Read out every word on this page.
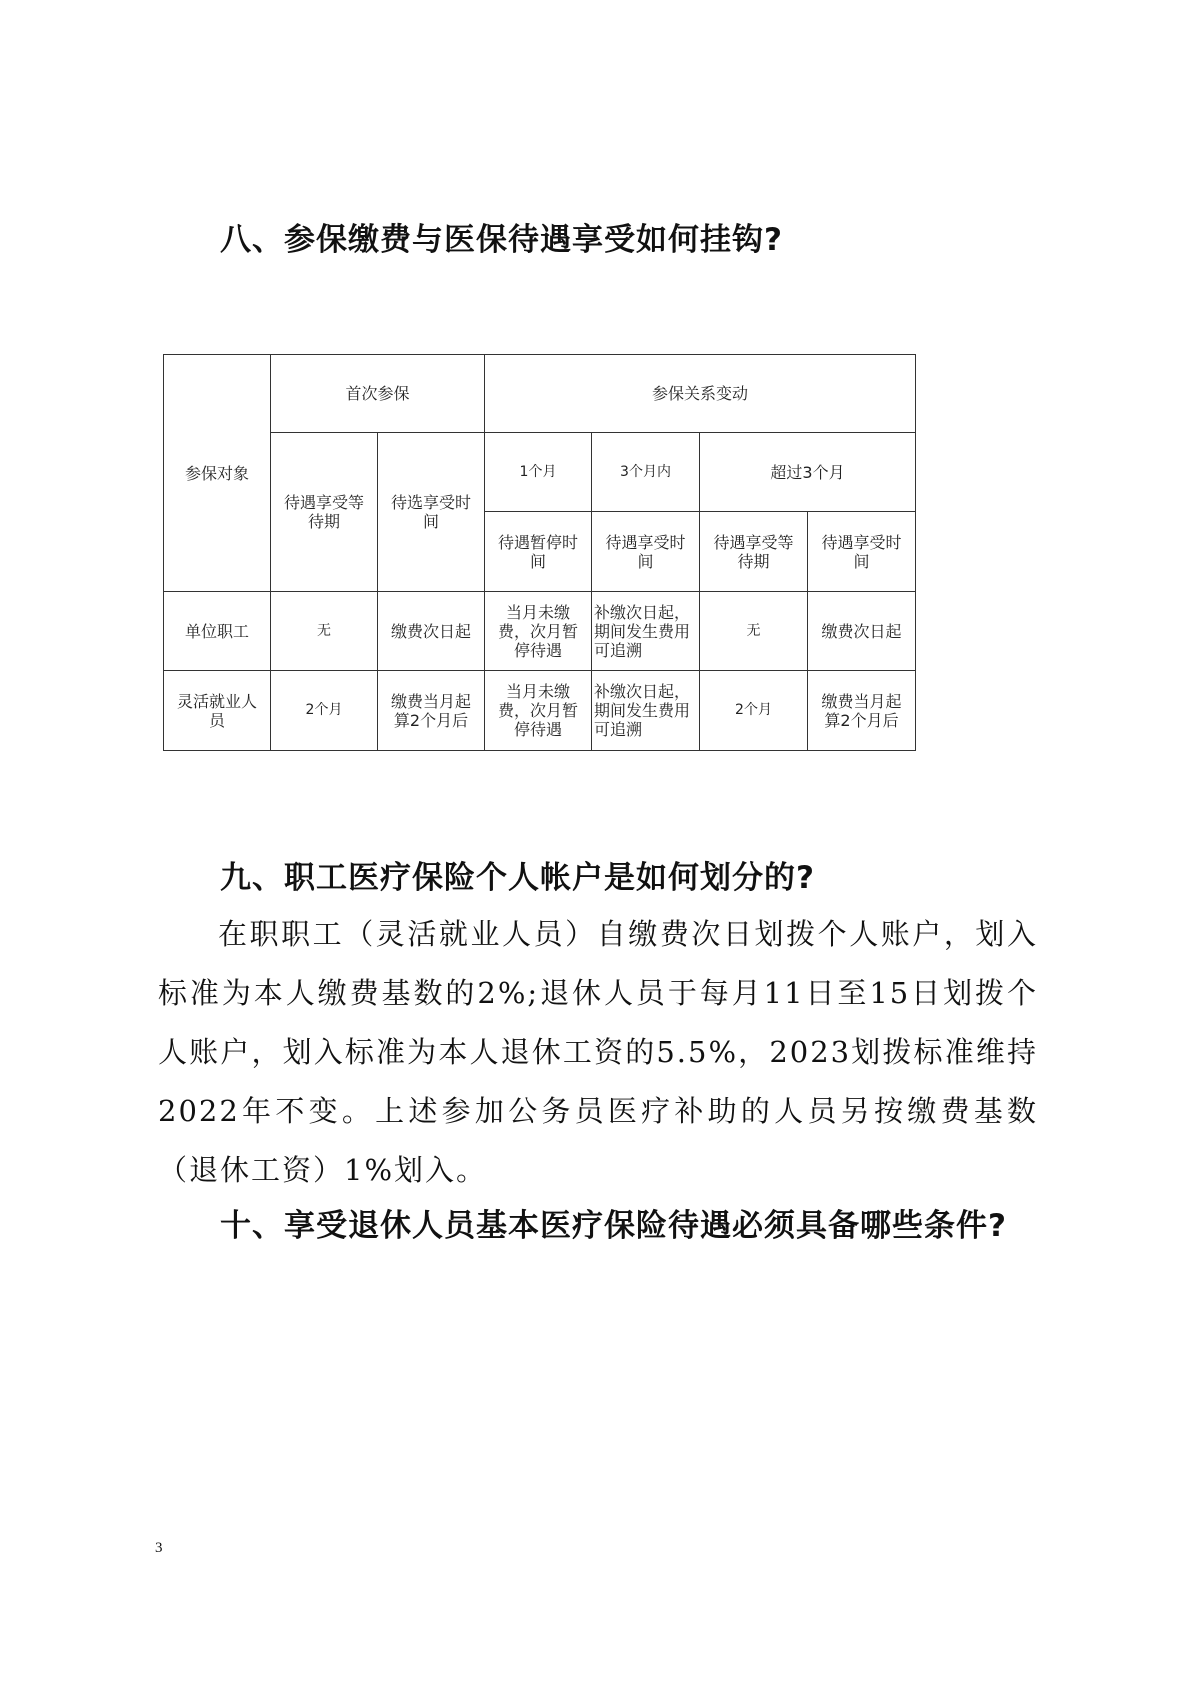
八、参保缴费与医保待遇享受如何挂钩?
参保对象	首次参保		参保关系变动			
	待遇享受等待期	待选享受时间	1个月	3个月内	超过3个月	
			待遇暂停时间	待遇享受时间	待遇享受等待期	待遇享受时间
单位职工	无	缴费次日起	当月未缴费，次月暂停待遇	补缴次日起，期间发生费用可追溯	无	缴费次日起
灵活就业人员	2个月	缴费当月起算2个月后	当月未缴费，次月暂停待遇	补缴次日起，期间发生费用可追溯	2个月	缴费当月起算2个月后
九、职工医疗保险个人帐户是如何划分的?

在职职工（灵活就业人员）自缴费次日划拨个人账户，划入标准为本人缴费基数的2%;退休人员于每月11日至15日划拨个人账户，划入标准为本人退休工资的5.5%，2023划拨标准维持2022年不变。上述参加公务员医疗补助的人员另按缴费基数（退休工资）1%划入。

十、享受退休人员基本医疗保险待遇必须具备哪些条件?
3
